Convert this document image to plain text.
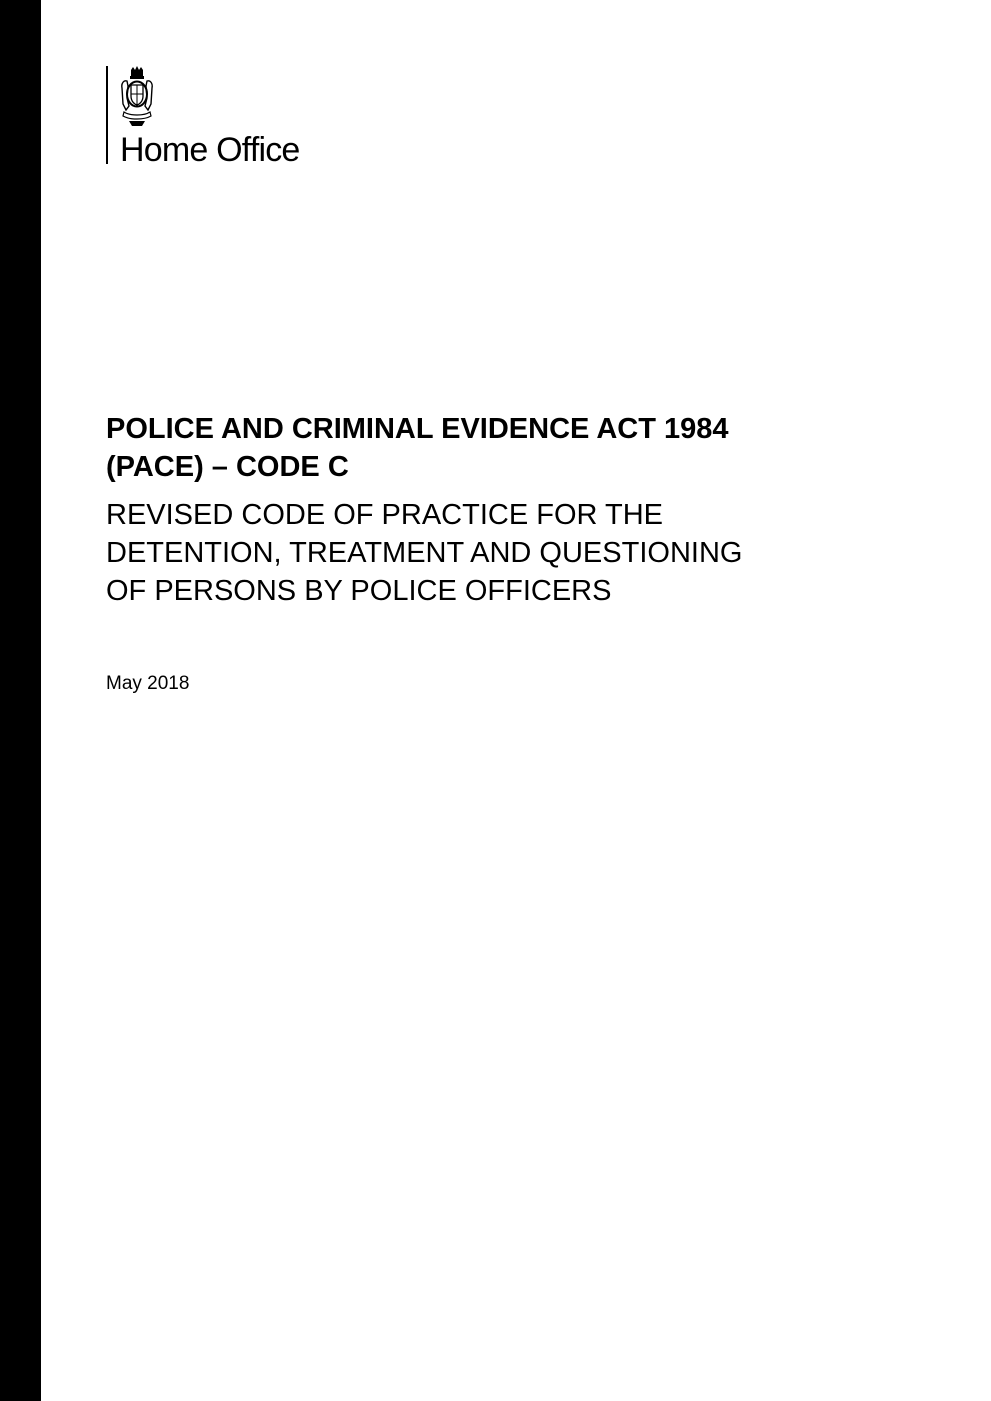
Home Office
POLICE AND CRIMINAL EVIDENCE ACT 1984
(PACE) – CODE C
REVISED CODE OF PRACTICE FOR THE
DETENTION, TREATMENT AND QUESTIONING
OF PERSONS BY POLICE OFFICERS
May 2018
